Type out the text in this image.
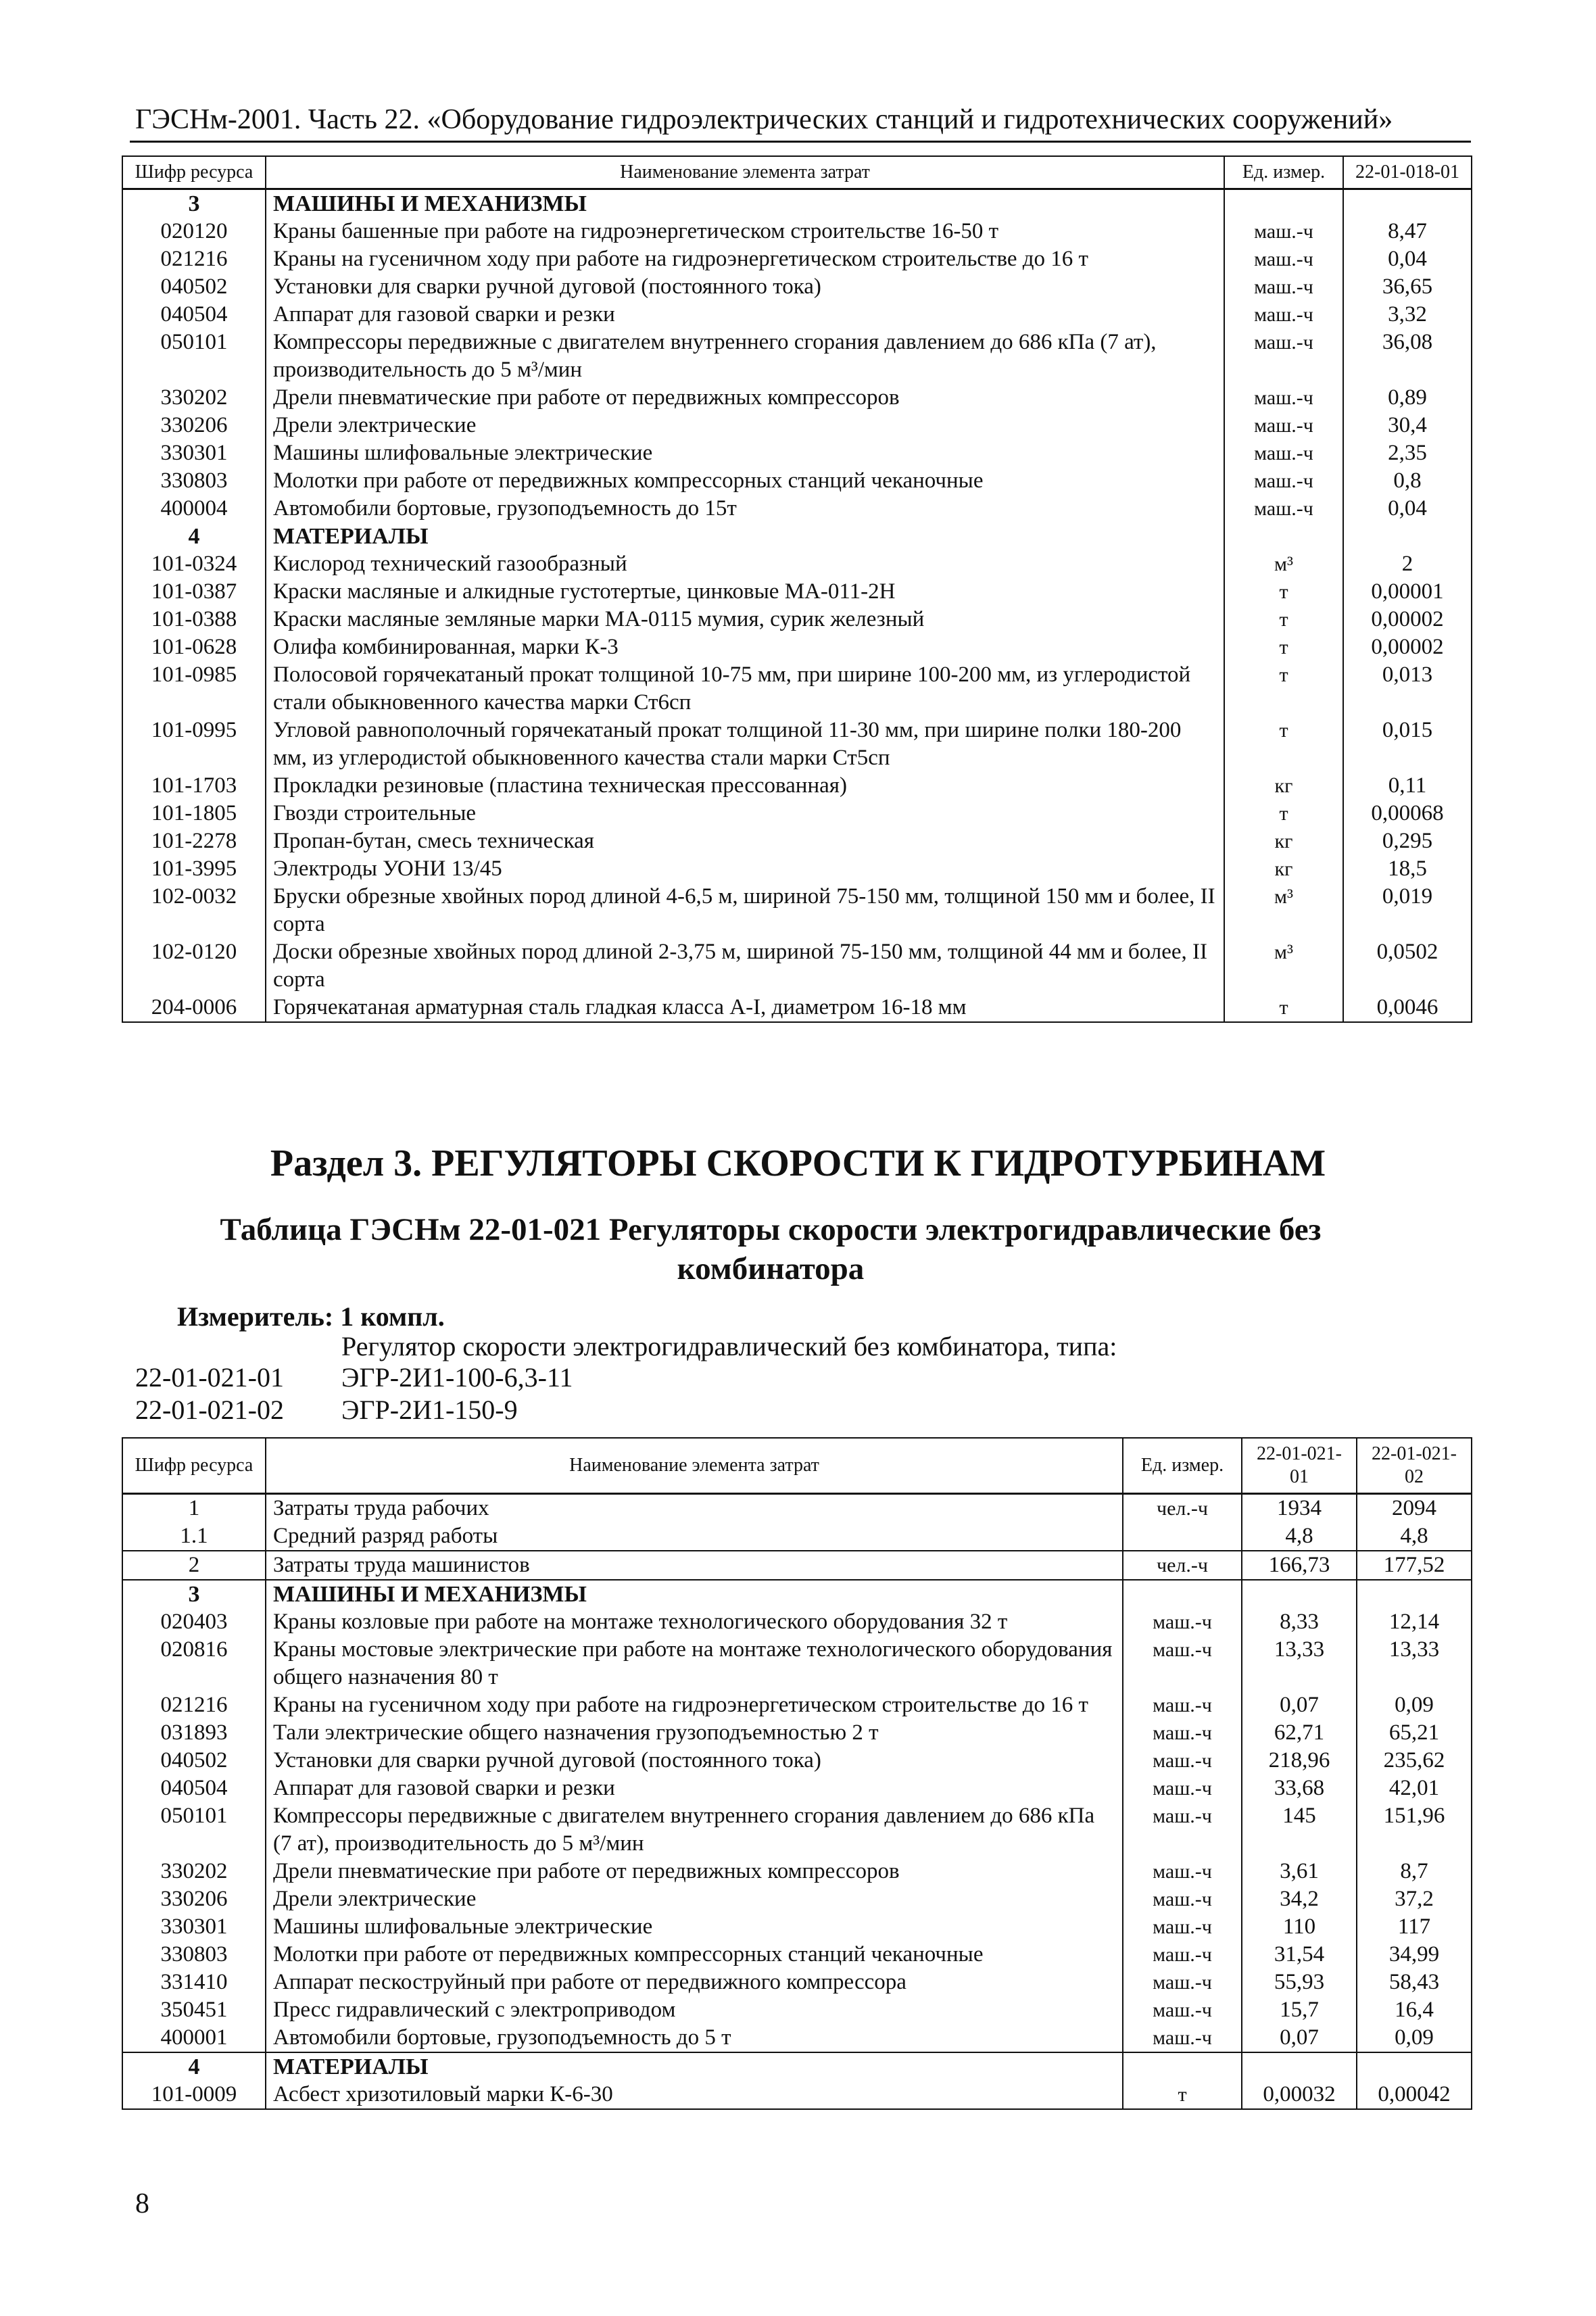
ГЭСНм-2001. Часть 22. «Оборудование гидроэлектрических станций и гидротехнических сооружений»
Шифр ресурса	Наименование элемента затрат	Ед. измер.	22-01-018-01
3	МАШИНЫ И МЕХАНИЗМЫ		
020120	Краны башенные при работе на гидроэнергетическом строительстве 16-50 т	маш.-ч	8,47
021216	Краны на гусеничном ходу при работе на гидроэнергетическом строительстве до 16 т	маш.-ч	0,04
040502	Установки для сварки ручной дуговой (постоянного тока)	маш.-ч	36,65
040504	Аппарат для газовой сварки и резки	маш.-ч	3,32
050101	Компрессоры передвижные с двигателем внутреннего сгорания давлением до 686 кПа (7 ат), производительность до 5 м³/мин	маш.-ч	36,08
330202	Дрели пневматические при работе от передвижных компрессоров	маш.-ч	0,89
330206	Дрели электрические	маш.-ч	30,4
330301	Машины шлифовальные электрические	маш.-ч	2,35
330803	Молотки при работе от передвижных компрессорных станций чеканочные	маш.-ч	0,8
400004	Автомобили бортовые, грузоподъемность до 15т	маш.-ч	0,04
4	МАТЕРИАЛЫ		
101-0324	Кислород технический газообразный	м³	2
101-0387	Краски масляные и алкидные густотертые, цинковые МА-011-2Н	т	0,00001
101-0388	Краски масляные земляные марки МА-0115 мумия, сурик железный	т	0,00002
101-0628	Олифа комбинированная, марки К-3	т	0,00002
101-0985	Полосовой горячекатаный прокат толщиной 10-75 мм, при ширине 100-200 мм, из углеродистой стали обыкновенного качества марки Ст6сп	т	0,013
101-0995	Угловой равнополочный горячекатаный прокат толщиной 11-30 мм, при ширине полки 180-200 мм, из углеродистой обыкновенного качества стали марки Ст5сп	т	0,015
101-1703	Прокладки резиновые (пластина техническая прессованная)	кг	0,11
101-1805	Гвозди строительные	т	0,00068
101-2278	Пропан-бутан, смесь техническая	кг	0,295
101-3995	Электроды УОНИ 13/45	кг	18,5
102-0032	Бруски обрезные хвойных пород длиной 4-6,5 м, шириной 75-150 мм, толщиной 150 мм и более, II сорта	м³	0,019
102-0120	Доски обрезные хвойных пород длиной 2-3,75 м, шириной 75-150 мм, толщиной 44 мм и более, II сорта	м³	0,0502
204-0006	Горячекатаная арматурная сталь гладкая класса А-I, диаметром 16-18 мм	т	0,0046
Раздел 3. РЕГУЛЯТОРЫ СКОРОСТИ К ГИДРОТУРБИНАМ
Таблица ГЭСНм 22-01-021 Регуляторы скорости электрогидравлические без
комбинатора
Измеритель: 1 компл.
Регулятор скорости электрогидравлический без комбинатора, типа:
22-01-021-01 ЭГР-2И1-100-6,3-11
22-01-021-02 ЭГР-2И1-150-9
Шифр ресурса	Наименование элемента затрат	Ед. измер.	22-01-021-01	22-01-021-02
1	Затраты труда рабочих	чел.-ч	1934	2094
1.1	Средний разряд работы		4,8	4,8
2	Затраты труда машинистов	чел.-ч	166,73	177,52
3	МАШИНЫ И МЕХАНИЗМЫ			
020403	Краны козловые при работе на монтаже технологического оборудования 32 т	маш.-ч	8,33	12,14
020816	Краны мостовые электрические при работе на монтаже технологического оборудования общего назначения 80 т	маш.-ч	13,33	13,33
021216	Краны на гусеничном ходу при работе на гидроэнергетическом строительстве до 16 т	маш.-ч	0,07	0,09
031893	Тали электрические общего назначения грузоподъемностью 2 т	маш.-ч	62,71	65,21
040502	Установки для сварки ручной дуговой (постоянного тока)	маш.-ч	218,96	235,62
040504	Аппарат для газовой сварки и резки	маш.-ч	33,68	42,01
050101	Компрессоры передвижные с двигателем внутреннего сгорания давлением до 686 кПа (7 ат), производительность до 5 м³/мин	маш.-ч	145	151,96
330202	Дрели пневматические при работе от передвижных компрессоров	маш.-ч	3,61	8,7
330206	Дрели электрические	маш.-ч	34,2	37,2
330301	Машины шлифовальные электрические	маш.-ч	110	117
330803	Молотки при работе от передвижных компрессорных станций чеканочные	маш.-ч	31,54	34,99
331410	Аппарат пескоструйный при работе от передвижного компрессора	маш.-ч	55,93	58,43
350451	Пресс гидравлический с электроприводом	маш.-ч	15,7	16,4
400001	Автомобили бортовые, грузоподъемность до 5 т	маш.-ч	0,07	0,09
4	МАТЕРИАЛЫ			
101-0009	Асбест хризотиловый марки К-6-30	т	0,00032	0,00042
8
